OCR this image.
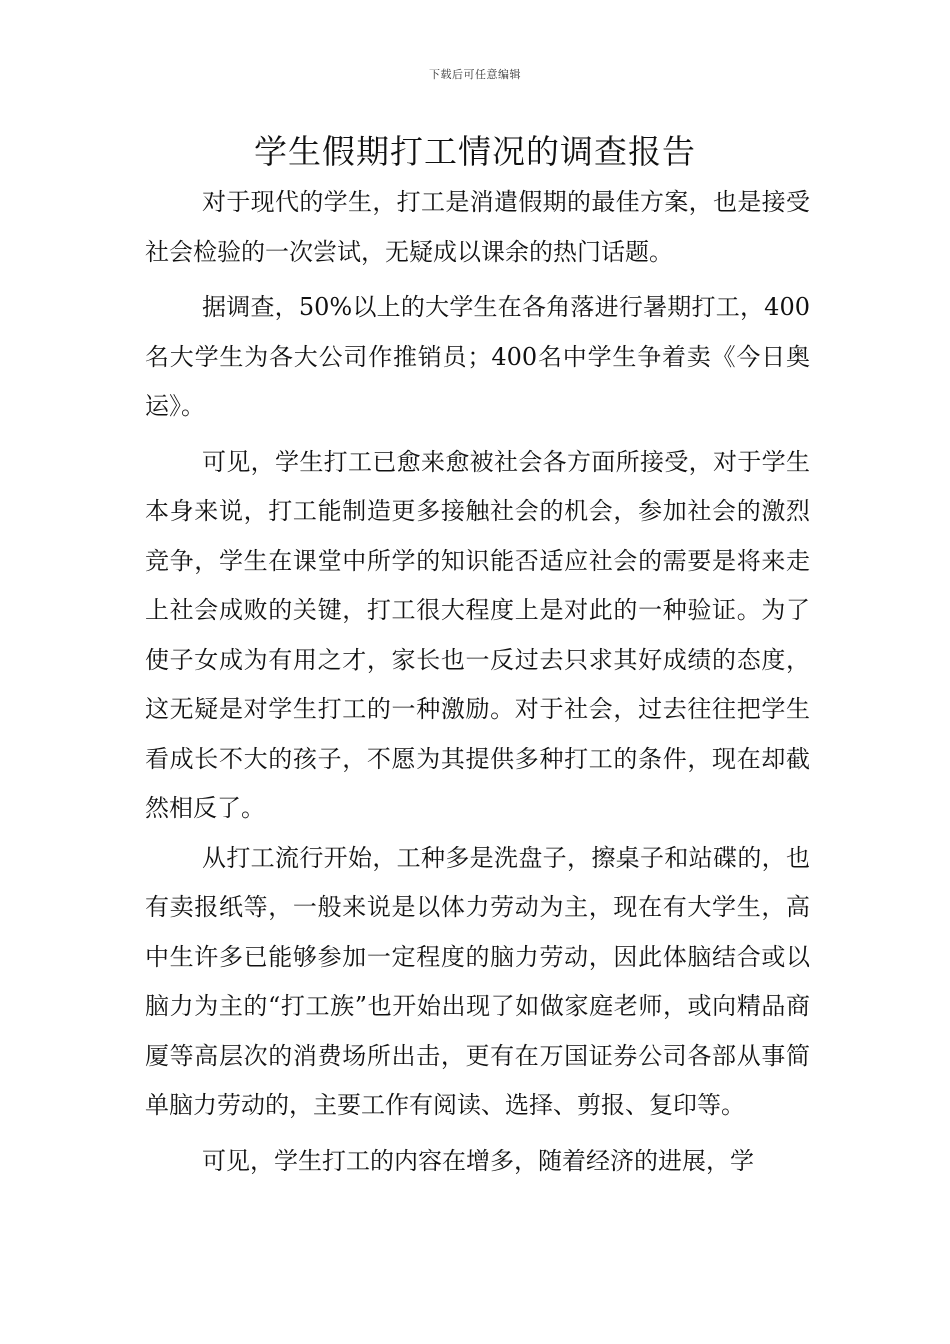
下载后可任意编辑
学生假期打工情况的调查报告

对于现代的学生，打工是消遣假期的最佳方案，也是接受社会检验的一次尝试，无疑成以课余的热门话题。

据调查，50%以上的大学生在各角落进行暑期打工，400名大学生为各大公司作推销员；400名中学生争着卖《今日奥运》。

可见，学生打工已愈来愈被社会各方面所接受，对于学生本身来说，打工能制造更多接触社会的机会，参加社会的激烈竞争，学生在课堂中所学的知识能否适应社会的需要是将来走上社会成败的关键，打工很大程度上是对此的一种验证。为了使子女成为有用之才，家长也一反过去只求其好成绩的态度，这无疑是对学生打工的一种激励。对于社会，过去往往把学生看成长不大的孩子，不愿为其提供多种打工的条件，现在却截然相反了。

从打工流行开始，工种多是洗盘子，擦桌子和站碟的，也有卖报纸等，一般来说是以体力劳动为主，现在有大学生，高中生许多已能够参加一定程度的脑力劳动，因此体脑结合或以脑力为主的“打工族”也开始出现了如做家庭老师，或向精品商厦等高层次的消费场所出击，更有在万国证券公司各部从事简单脑力劳动的，主要工作有阅读、选择、剪报、复印等。

可见，学生打工的内容在增多，随着经济的进展，学
